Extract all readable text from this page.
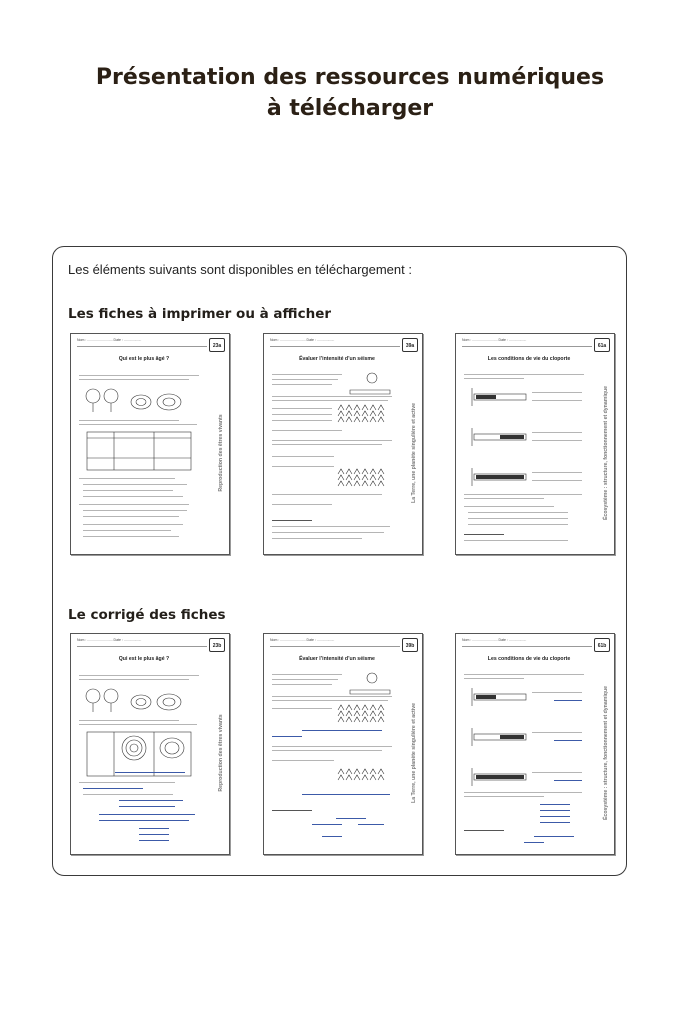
Présentation des ressources numériques
à télécharger
Les éléments suivants sont disponibles en téléchargement :
Les fiches à imprimer ou à afficher
Le corrigé des fiches
Nom : .......................... Date : ..................
23a
Reproduction des êtres vivants
Qui est le plus âgé ?
Nom : .......................... Date : ..................
39a
La Terre, une planète singulière et active
Évaluer l’intensité d’un séisme
Nom : .......................... Date : ..................
61a
Écosystème : structure, fonctionnement et dynamique
Les conditions de vie du cloporte
Nom : .......................... Date : ..................
23b
Reproduction des êtres vivants
Qui est le plus âgé ?
Nom : .......................... Date : ..................
39b
La Terre, une planète singulière et active
Évaluer l’intensité d’un séisme
Nom : .......................... Date : ..................
61b
Écosystème : structure, fonctionnement et dynamique
Les conditions de vie du cloporte
